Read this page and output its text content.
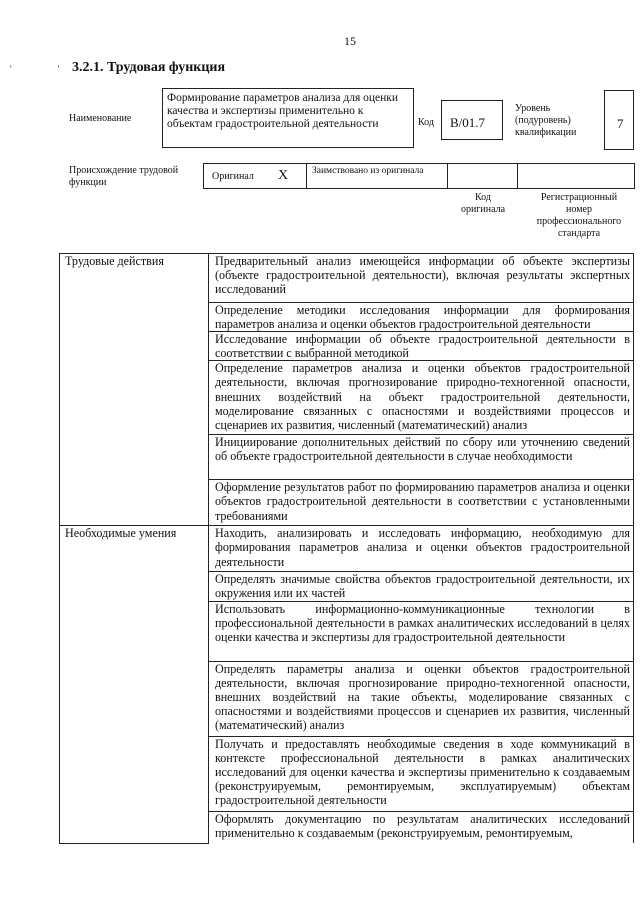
15
' '
3.2.1. Трудовая функция
Наименование
Формирование параметров анализа для оценки качества и экспертизы применительно к объектам градостроительной деятельности	Код	B/01.7
Уровень (подуровень) квалификации
7
Происхождение трудовой функции
Оригинал X	Заимствовано из оригинала
Код оригинала
Регистрационный номер профессионального стандарта
Трудовые действия	Предварительный анализ имеющейся информации об объекте экспертизы (объекте градостроительной деятельности), включая результаты экспертных исследований
	Определение методики исследования информации для формирования параметров анализа и оценки объектов градостроительной деятельности
	Исследование информации об объекте градостроительной деятельности в соответствии с выбранной методикой
	Определение параметров анализа и оценки объектов градостроительной деятельности, включая прогнозирование природно-техногенной опасности, внешних воздействий на объект градостроительной деятельности, моделирование связанных с опасностями и воздействиями процессов и сценариев их развития, численный (математический) анализ
	Инициирование дополнительных действий по сбору или уточнению сведений об объекте градостроительной деятельности в случае необходимости
	Оформление результатов работ по формированию параметров анализа и оценки объектов градостроительной деятельности в соответствии с установленными требованиями
Необходимые умения	Находить, анализировать и исследовать информацию, необходимую для формирования параметров анализа и оценки объектов градостроительной деятельности
	Определять значимые свойства объектов градостроительной деятельности, их окружения или их частей
	Использовать информационно-коммуникационные технологии в профессиональной деятельности в рамках аналитических исследований в целях оценки качества и экспертизы для градостроительной деятельности
	Определять параметры анализа и оценки объектов градостроительной деятельности, включая прогнозирование природно-техногенной опасности, внешних воздействий на такие объекты, моделирование связанных с опасностями и воздействиями процессов и сценариев их развития, численный (математический) анализ
	Получать и предоставлять необходимые сведения в ходе коммуникаций в контексте профессиональной деятельности в рамках аналитических исследований для оценки качества и экспертизы применительно к создаваемым (реконструируемым, ремонтируемым, эксплуатируемым) объектам градостроительной деятельности
	Оформлять документацию по результатам аналитических исследований применительно к создаваемым (реконструируемым, ремонтируемым,
